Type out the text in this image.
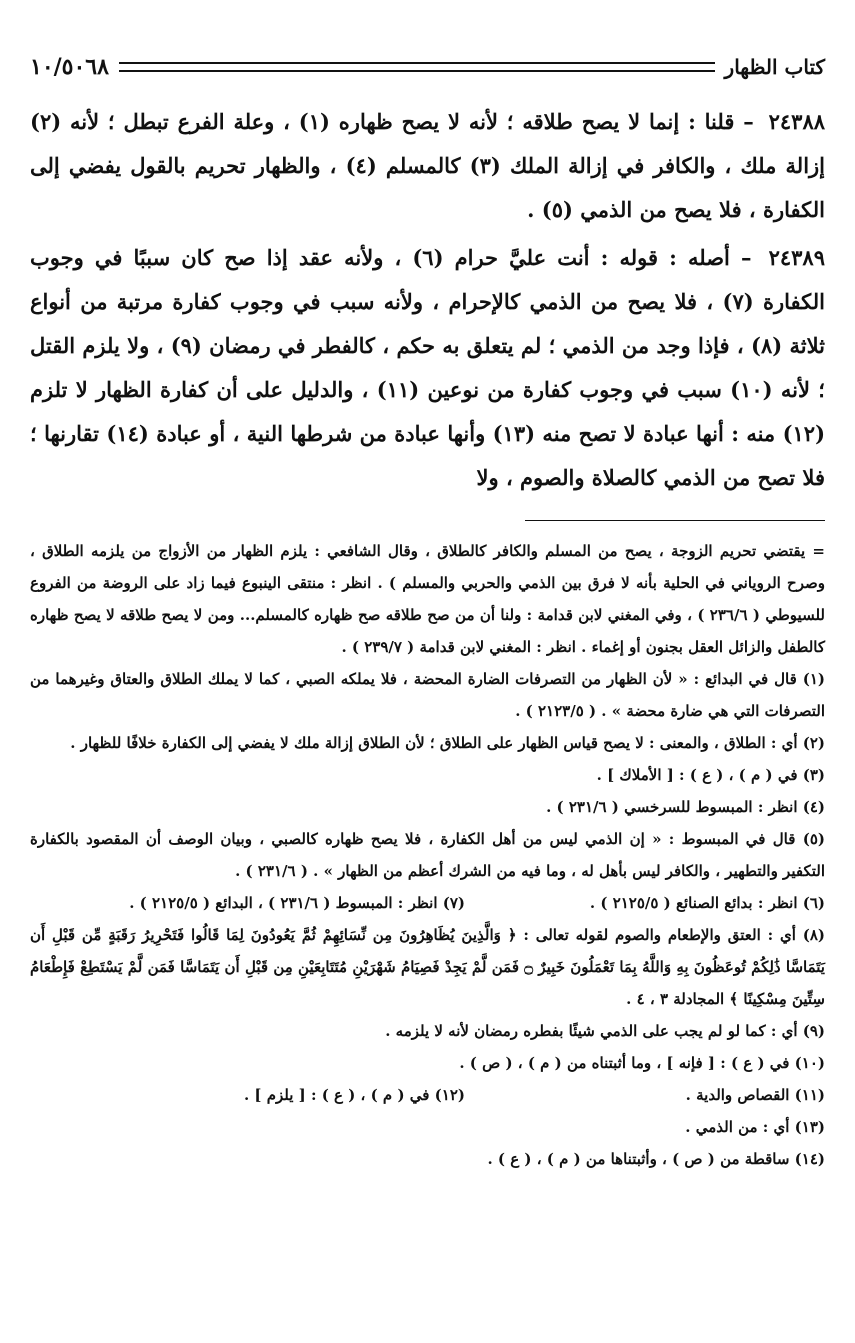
كتاب الظهار
١٠/٥٠٦٨

٢٤٣٨٨ – قلنا : إنما لا يصح طلاقه ؛ لأنه لا يصح ظهاره (١) ، وعلة الفرع تبطل ؛ لأنه (٢) إزالة ملك ، والكافر في إزالة الملك (٣) كالمسلم (٤) ، والظهار تحريم بالقول يفضي إلى الكفارة ، فلا يصح من الذمي (٥) .

٢٤٣٨٩ – أصله : قوله : أنت عليَّ حرام (٦) ، ولأنه عقد إذا صح كان سببًا في وجوب الكفارة (٧) ، فلا يصح من الذمي كالإحرام ، ولأنه سبب في وجوب كفارة مرتبة من أنواع ثلاثة (٨) ، فإذا وجد من الذمي ؛ لم يتعلق به حكم ، كالفطر في رمضان (٩) ، ولا يلزم القتل ؛ لأنه (١٠) سبب في وجوب كفارة من نوعين (١١) ، والدليل على أن كفارة الظهار لا تلزم (١٢) منه : أنها عبادة لا تصح منه (١٣) وأنها عبادة من شرطها النية ، أو عبادة (١٤) تقارنها ؛ فلا تصح من الذمي كالصلاة والصوم ، ولا

= يقتضي تحريم الزوجة ، يصح من المسلم والكافر كالطلاق ، وقال الشافعي : يلزم الظهار من الأزواج من يلزمه الطلاق ، وصرح الروياني في الحلية بأنه لا فرق بين الذمي والحربي والمسلم ) . انظر : منتقى الينبوع فيما زاد على الروضة من الفروع للسيوطي ( ٢٣٦/٦ ) ، وفي المغني لابن قدامة : ولنا أن من صح طلاقه صح ظهاره كالمسلم... ومن لا يصح طلاقه لا يصح ظهاره كالطفل والزائل العقل بجنون أو إغماء . انظر : المغني لابن قدامة ( ٢٣٩/٧ ) .

(١) قال في البدائع : « لأن الظهار من التصرفات الضارة المحضة ، فلا يملكه الصبي ، كما لا يملك الطلاق والعتاق وغيرهما من التصرفات التي هي ضارة محضة » . ( ٢١٢٣/٥ ) .

(٢) أي : الطلاق ، والمعنى : لا يصح قياس الظهار على الطلاق ؛ لأن الطلاق إزالة ملك لا يفضي إلى الكفارة خلافًا للظهار .

(٣) في ( م ) ، ( ع ) : [ الأملاك ] .

(٤) انظر : المبسوط للسرخسي ( ٢٣١/٦ ) .

(٥) قال في المبسوط : « إن الذمي ليس من أهل الكفارة ، فلا يصح ظهاره كالصبي ، وبيان الوصف أن المقصود بالكفارة التكفير والتطهير ، والكافر ليس بأهل له ، وما فيه من الشرك أعظم من الظهار » . ( ٢٣١/٦ ) .

(٦) انظر : بدائع الصنائع ( ٢١٢٥/٥ ) .

(٧) انظر : المبسوط ( ٢٣١/٦ ) ، البدائع ( ٢١٢٥/٥ ) .

(٨) أي : العتق والإطعام والصوم لقوله تعالى : ﴿ وَالَّذِينَ يُظَاهِرُونَ مِن نِّسَائِهِمْ ثُمَّ يَعُودُونَ لِمَا قَالُوا فَتَحْرِيرُ رَقَبَةٍ مِّن قَبْلِ أَن يَتَمَاسَّا ذَٰلِكُمْ تُوعَظُونَ بِهِ وَاللَّهُ بِمَا تَعْمَلُونَ خَبِيرٌ ۝ فَمَن لَّمْ يَجِدْ فَصِيَامُ شَهْرَيْنِ مُتَتَابِعَيْنِ مِن قَبْلِ أَن يَتَمَاسَّا فَمَن لَّمْ يَسْتَطِعْ فَإِطْعَامُ سِتِّينَ مِسْكِينًا ﴾ المجادلة ٣ ، ٤ .

(٩) أي : كما لو لم يجب على الذمي شيئًا بفطره رمضان لأنه لا يلزمه .

(١٠) في ( ع ) : [ فإنه ] ، وما أثبتناه من ( م ) ، ( ص ) .

(١١) القصاص والدية .

(١٢) في ( م ) ، ( ع ) : [ يلزم ] .

(١٣) أي : من الذمي .

(١٤) ساقطة من ( ص ) ، وأثبتناها من ( م ) ، ( ع ) .
